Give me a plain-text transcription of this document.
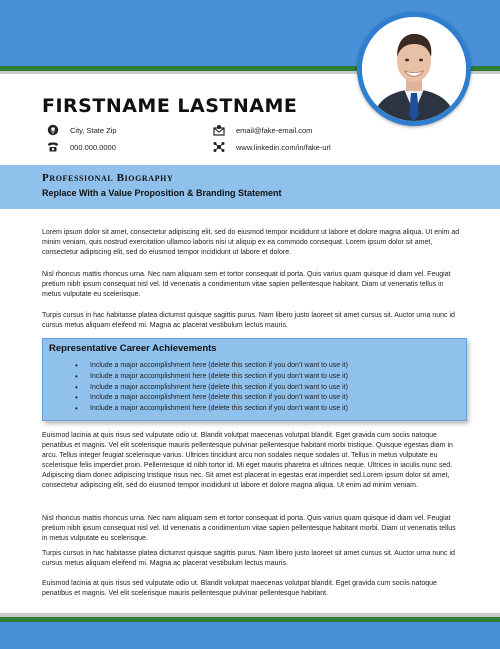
FIRSTNAME LASTNAME
City, State Zip
000.000.0000
email@fake-email.com
www.linkedin.com/in/fake-url
Professional Biography
Replace With a Value Proposition & Branding Statement
Lorem ipsum dolor sit amet, consectetur adipiscing elit, sed do eiusmod tempor incididunt ut labore et dolore magna aliqua. Ut enim ad minim veniam, quis nostrud exercitation ullamco laboris nisi ut aliquip ex ea commodo consequat. Lorem ipsum dolor sit amet, consectetur adipiscing elit, sed do eiusmod tempor incididunt ut labore et dolore.
Nisl rhoncus mattis rhoncus urna. Nec nam aliquam sem et tortor consequat id porta. Quis varius quam quisque id diam vel. Feugiat pretium nibh ipsum consequat nisl vel. Id venenatis a condimentum vitae sapien pellentesque habitant. Diam ut venenatis tellus in metus vulputate eu scelerisque.
Turpis cursus in hac habitasse platea dictumst quisque sagittis purus. Nam libero justo laoreet sit amet cursus sit. Auctor urna nunc id cursus metus aliquam eleifend mi. Magna ac placerat vestibulum lectus mauris.
Representative Career Achievements
• Include a major accomplishment here (delete this section if you don’t want to use it)
• Include a major accomplishment here (delete this section if you don’t want to use it)
• Include a major accomplishment here (delete this section if you don’t want to use it)
• Include a major accomplishment here (delete this section if you don’t want to use it)
• Include a major accomplishment here (delete this section if you don’t want to use it)
Euismod lacinia at quis risus sed vulputate odio ut. Blandit volutpat maecenas volutpat blandit. Eget gravida cum sociis natoque penatibus et magnis. Vel elit scelerisque mauris pellentesque pulvinar pellentesque habitant morbi tristique. Quisque egestas diam in arcu. Tellus integer feugiat scelerisque varius. Ultrices tincidunt arcu non sodales neque sodales ut. Tellus in metus vulputate eu scelerisque felis imperdiet proin. Pellentesque id nibh tortor id. Mi eget mauris pharetra et ultrices neque. Ultrices in iaculis nunc sed. Adipiscing diam donec adipiscing tristique risus nec. Sit amet est placerat in egestas erat imperdiet sed.Lorem ipsum dolor sit amet, consectetur adipiscing elit, sed do eiusmod tempor incididunt ut labore et dolore magna aliqua. Ut enim ad minim veniam.
Nisl rhoncus mattis rhoncus urna. Nec nam aliquam sem et tortor consequat id porta. Quis varius quam quisque id diam vel. Feugiat pretium nibh ipsum consequat nisl vel. Id venenatis a condimentum vitae sapien pellentesque habitant morbi. Diam ut venenatis tellus in metus vulputate eu scelerisque.
Turpis cursus in hac habitasse platea dictumst quisque sagittis purus. Nam libero justo laoreet sit amet cursus sit. Auctor urna nunc id cursus metus aliquam eleifend mi. Magna ac placerat vestibulum lectus mauris.
Euismod lacinia at quis risus sed vulputate odio ut. Blandit volutpat maecenas volutpat blandit. Eget gravida cum sociis natoque penatibus et magnis. Vel elit scelerisque mauris pellentesque pulvinar pellentesque habitant.
